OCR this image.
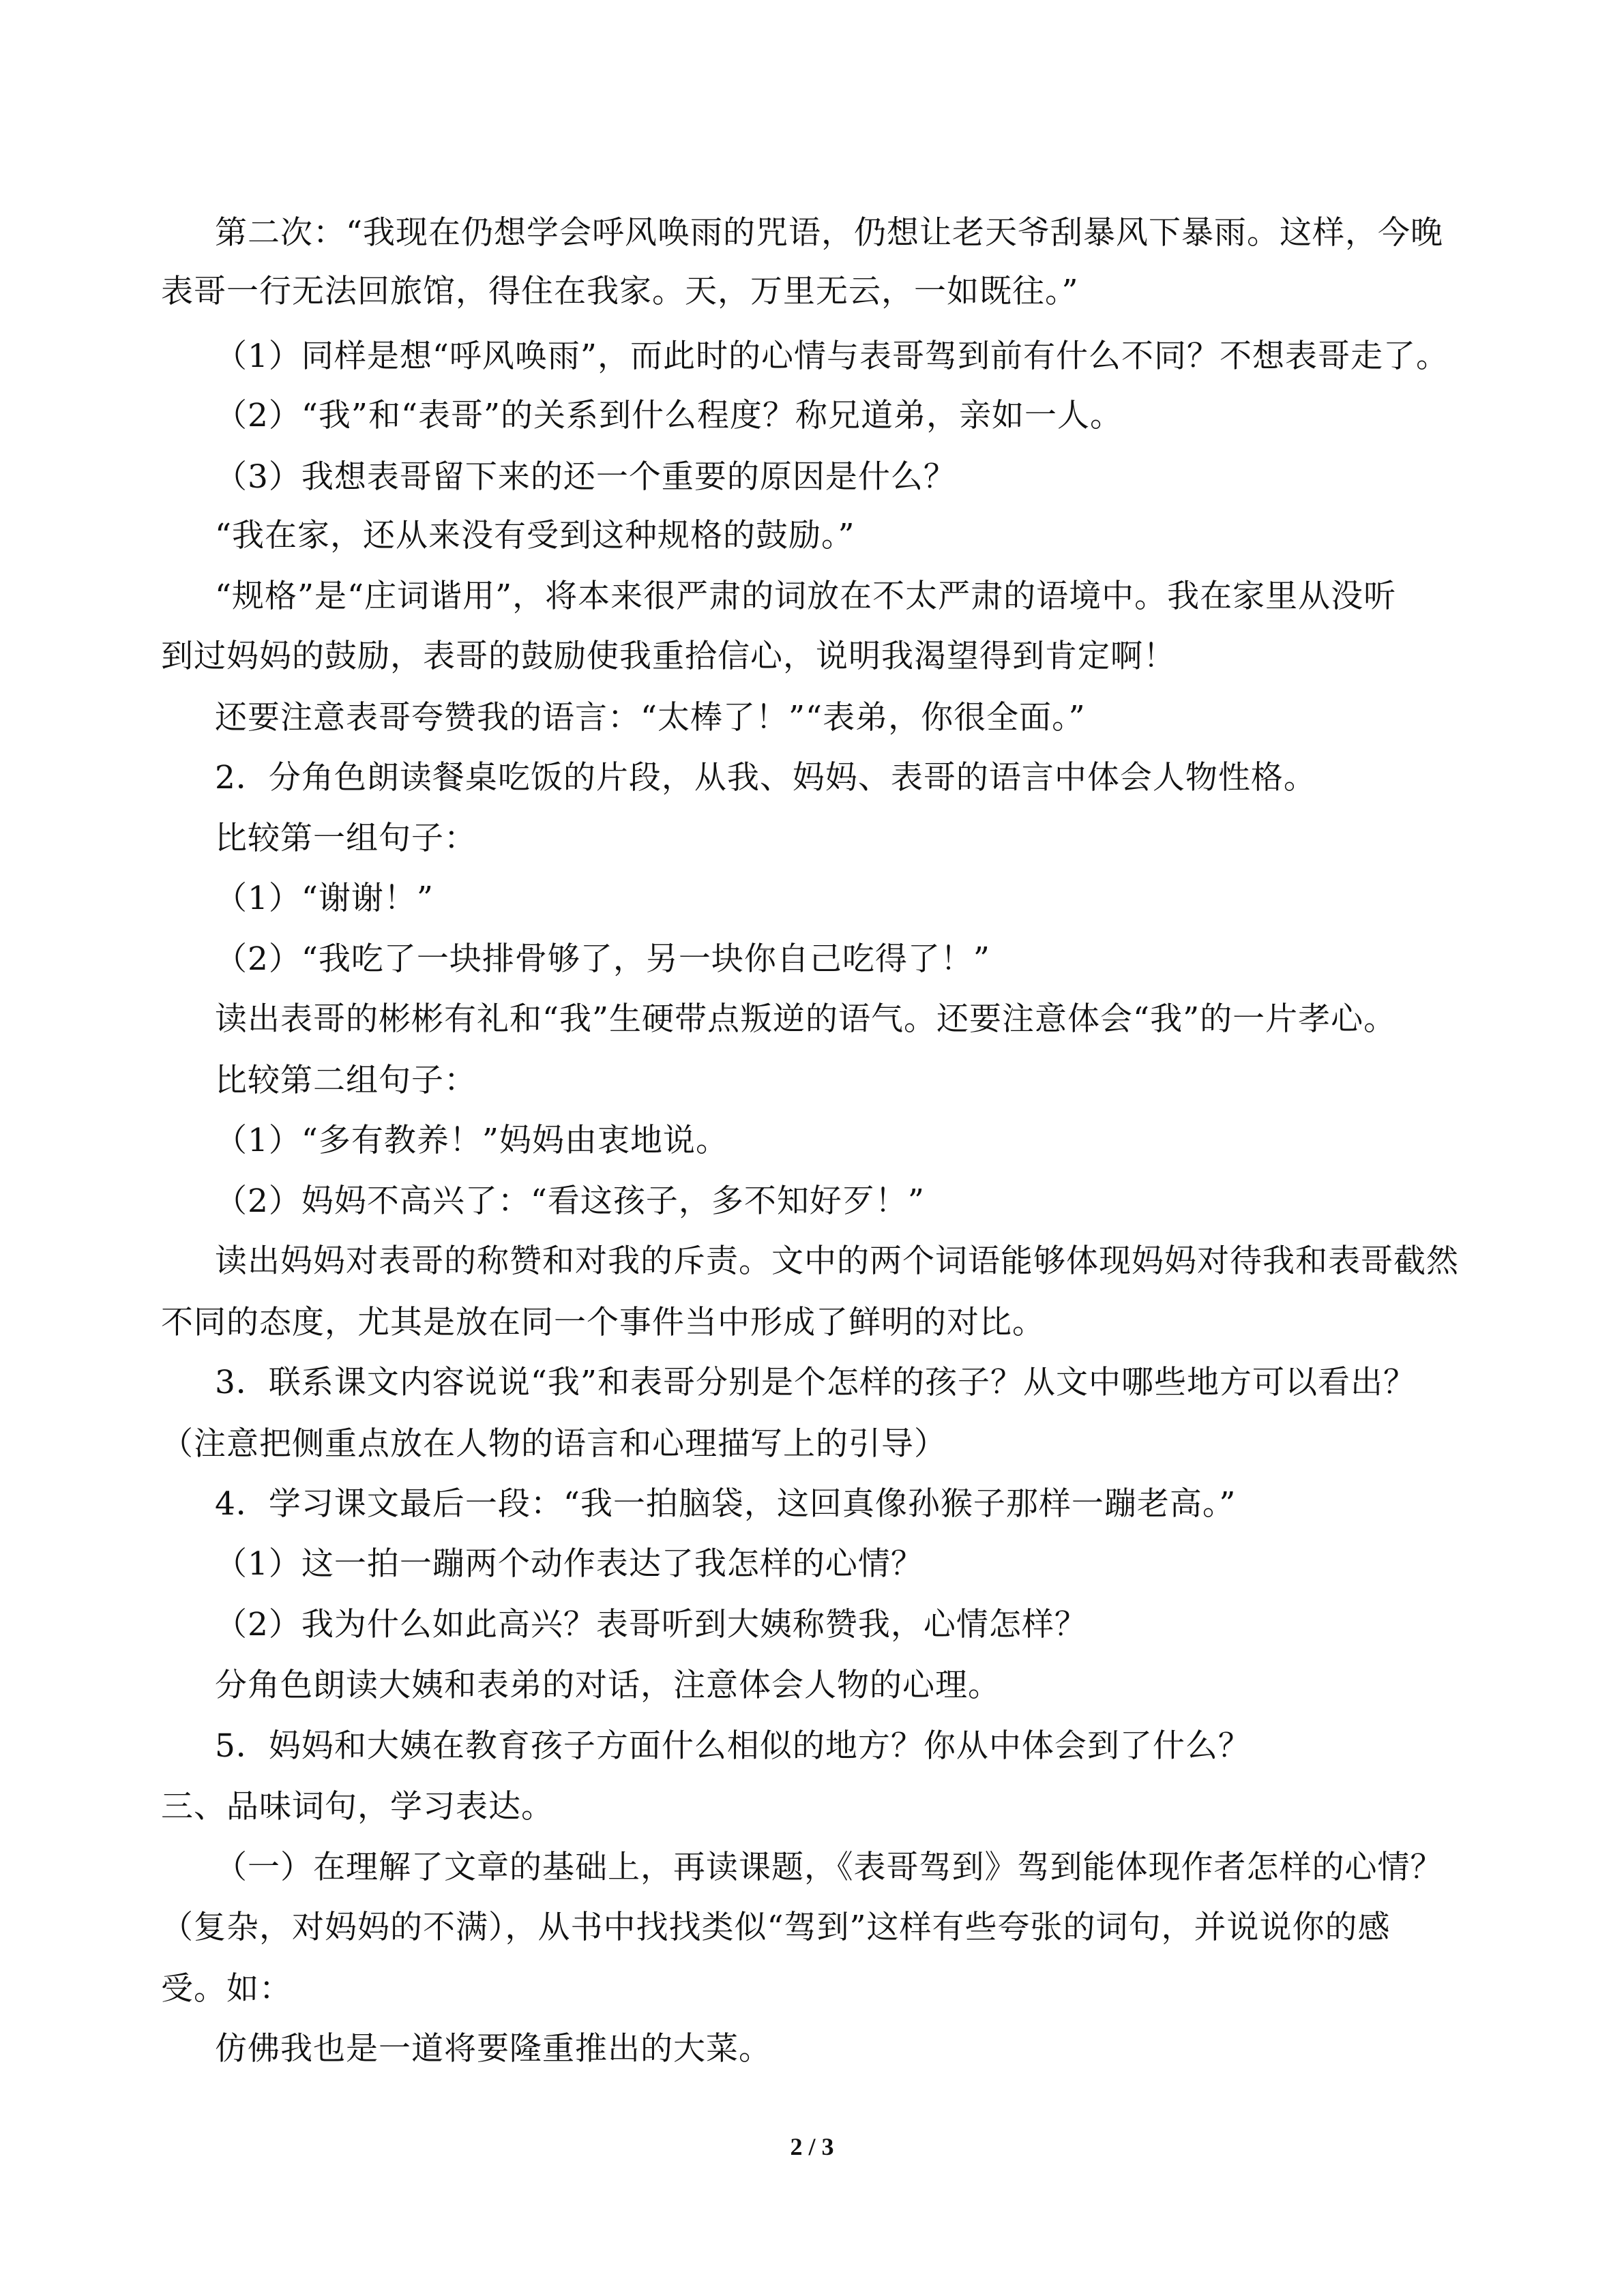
第二次：“我现在仍想学会呼风唤雨的咒语，仍想让老天爷刮暴风下暴雨。这样，今晚
表哥一行无法回旅馆，得住在我家。天，万里无云，一如既往。”
（1）同样是想“呼风唤雨”，而此时的心情与表哥驾到前有什么不同？不想表哥走了。
（2）“我”和“表哥”的关系到什么程度？称兄道弟，亲如一人。
（3）我想表哥留下来的还一个重要的原因是什么？
“我在家，还从来没有受到这种规格的鼓励。”
“规格”是“庄词谐用”，将本来很严肃的词放在不太严肃的语境中。我在家里从没听
到过妈妈的鼓励，表哥的鼓励使我重拾信心，说明我渴望得到肯定啊！
还要注意表哥夸赞我的语言：“太棒了！”“表弟，你很全面。”
2．分角色朗读餐桌吃饭的片段，从我、妈妈、表哥的语言中体会人物性格。
比较第一组句子：
（1）“谢谢！”
（2）“我吃了一块排骨够了，另一块你自己吃得了！”
读出表哥的彬彬有礼和“我”生硬带点叛逆的语气。还要注意体会“我”的一片孝心。
比较第二组句子：
（1）“多有教养！”妈妈由衷地说。
（2）妈妈不高兴了：“看这孩子，多不知好歹！”
读出妈妈对表哥的称赞和对我的斥责。文中的两个词语能够体现妈妈对待我和表哥截然
不同的态度，尤其是放在同一个事件当中形成了鲜明的对比。
3．联系课文内容说说“我”和表哥分别是个怎样的孩子？从文中哪些地方可以看出？
（注意把侧重点放在人物的语言和心理描写上的引导）
4．学习课文最后一段：“我一拍脑袋，这回真像孙猴子那样一蹦老高。”
（1）这一拍一蹦两个动作表达了我怎样的心情？
（2）我为什么如此高兴？表哥听到大姨称赞我，心情怎样？
分角色朗读大姨和表弟的对话，注意体会人物的心理。
5．妈妈和大姨在教育孩子方面什么相似的地方？你从中体会到了什么？
三、品味词句，学习表达。
（一）在理解了文章的基础上，再读课题，《表哥驾到》驾到能体现作者怎样的心情？
（复杂，对妈妈的不满），从书中找找类似“驾到”这样有些夸张的词句，并说说你的感
受。如：
仿佛我也是一道将要隆重推出的大菜。
2 / 3
